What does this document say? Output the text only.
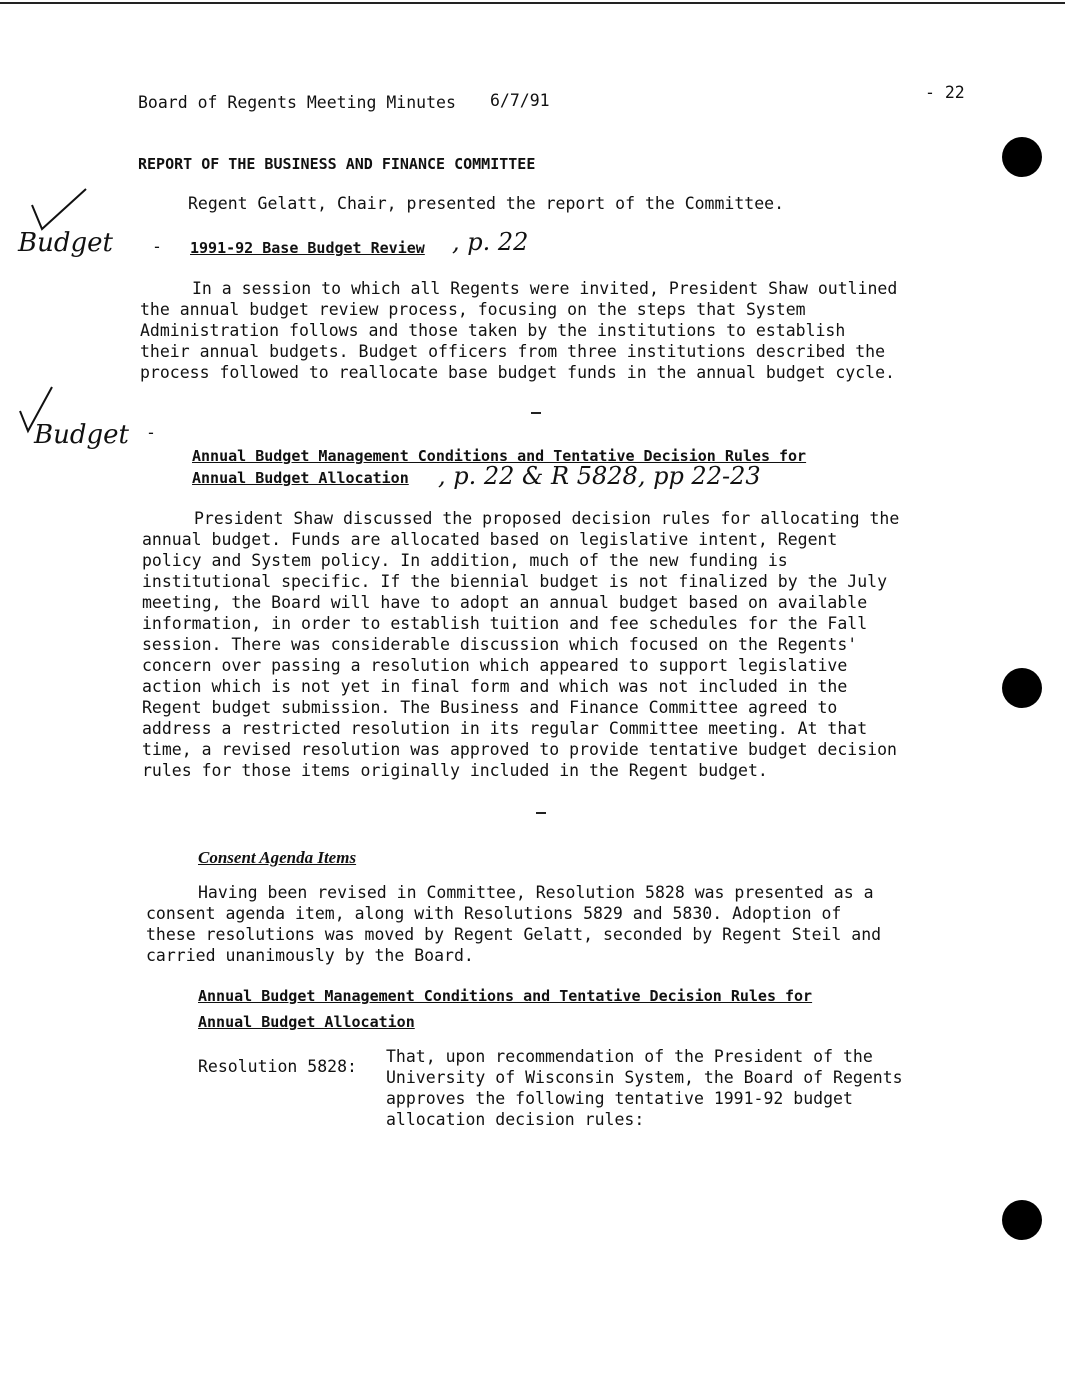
Board of Regents Meeting Minutes 6/7/91	- 22
REPORT OF THE BUSINESS AND FINANCE COMMITTEE
Regent Gelatt, Chair, presented the report of the Committee.
Budget -
Budget -
1991-92 Base Budget Review , p. 22
In a session to which all Regents were invited, President Shaw outlined
the annual budget review process, focusing on the steps that System
Administration follows and those taken by the institutions to establish
their annual budgets. Budget officers from three institutions described the
process followed to reallocate base budget funds in the annual budget cycle.
Annual Budget Management Conditions and Tentative Decision Rules for
Annual Budget Allocation , p. 22 & R 5828, pp 22-23
President Shaw discussed the proposed decision rules for allocating the
annual budget. Funds are allocated based on legislative intent, Regent
policy and System policy. In addition, much of the new funding is
institutional specific. If the biennial budget is not finalized by the July
meeting, the Board will have to adopt an annual budget based on available
information, in order to establish tuition and fee schedules for the Fall
session. There was considerable discussion which focused on the Regents'
concern over passing a resolution which appeared to support legislative
action which is not yet in final form and which was not included in the
Regent budget submission. The Business and Finance Committee agreed to
address a restricted resolution in its regular Committee meeting. At that
time, a revised resolution was approved to provide tentative budget decision
rules for those items originally included in the Regent budget.
Consent Agenda Items
Having been revised in Committee, Resolution 5828 was presented as a
consent agenda item, along with Resolutions 5829 and 5830. Adoption of
these resolutions was moved by Regent Gelatt, seconded by Regent Steil and
carried unanimously by the Board.
Annual Budget Management Conditions and Tentative Decision Rules for
Annual Budget Allocation
Resolution 5828:
That, upon recommendation of the President of the
University of Wisconsin System, the Board of Regents
approves the following tentative 1991-92 budget
allocation decision rules:
